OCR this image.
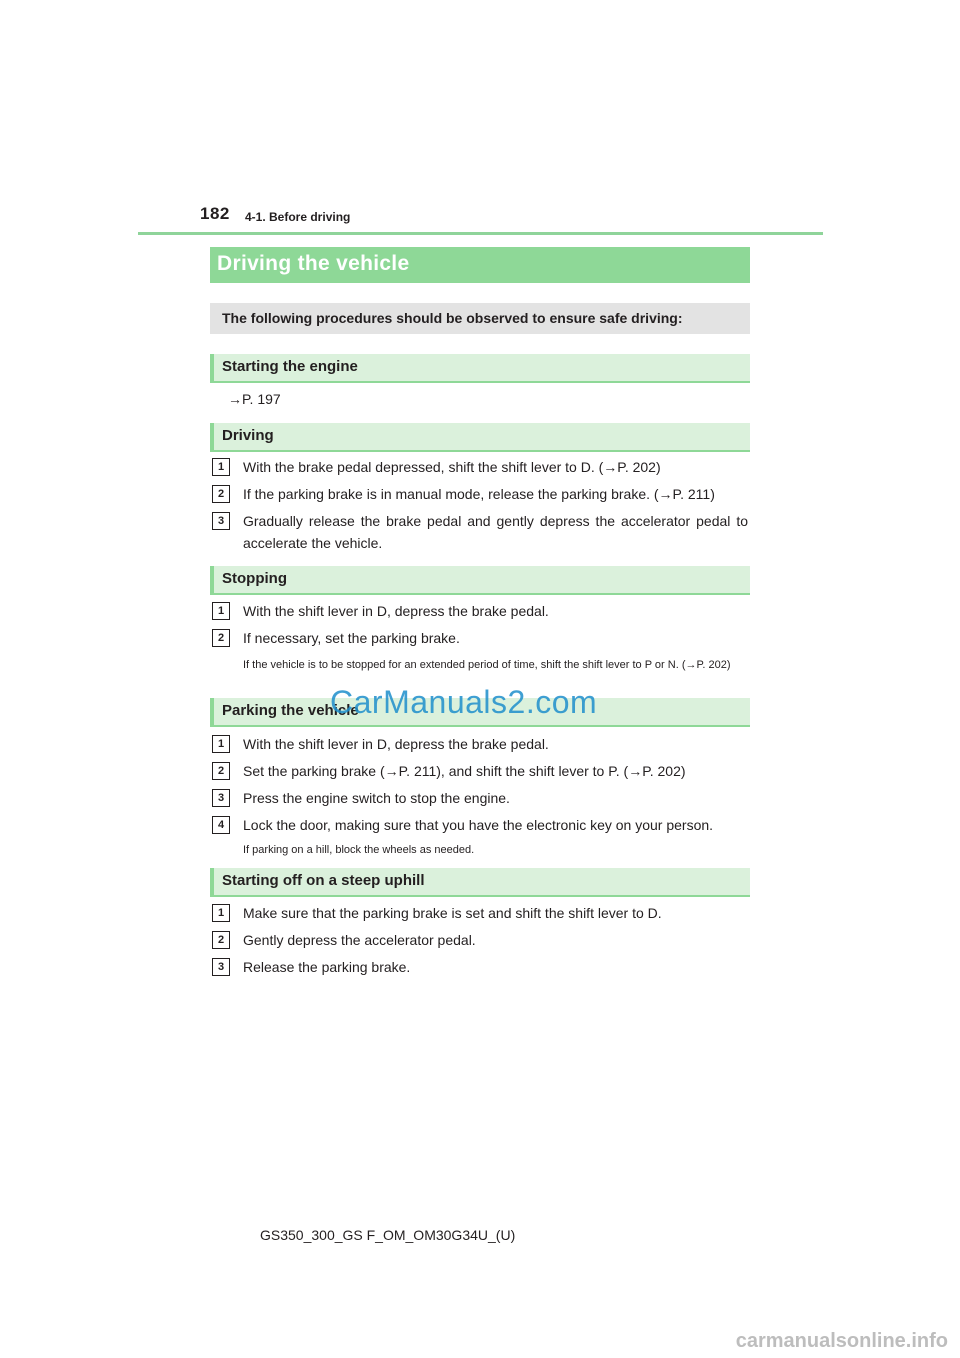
182 4-1. Before driving
Driving the vehicle
The following procedures should be observed to ensure safe driving:
Starting the engine
→P. 197
Driving
1	With the brake pedal depressed, shift the shift lever to D. (→P. 202)
2	If the parking brake is in manual mode, release the parking brake. (→P. 211)
3	Gradually release the brake pedal and gently depress the accelerator pedal to accelerate the vehicle.
Stopping
1	With the shift lever in D, depress the brake pedal.
2	If necessary, set the parking brake.
If the vehicle is to be stopped for an extended period of time, shift the shift lever to P or N. (→P. 202)
Parking the vehicle
1	With the shift lever in D, depress the brake pedal.
2	Set the parking brake (→P. 211), and shift the shift lever to P. (→P. 202)
3	Press the engine switch to stop the engine.
4	Lock the door, making sure that you have the electronic key on your person.
If parking on a hill, block the wheels as needed.
Starting off on a steep uphill
1	Make sure that the parking brake is set and shift the shift lever to D.
2	Gently depress the accelerator pedal.
3	Release the parking brake.
CarManuals2.com
GS350_300_GS F_OM_OM30G34U_(U)
carmanualsonline.info
